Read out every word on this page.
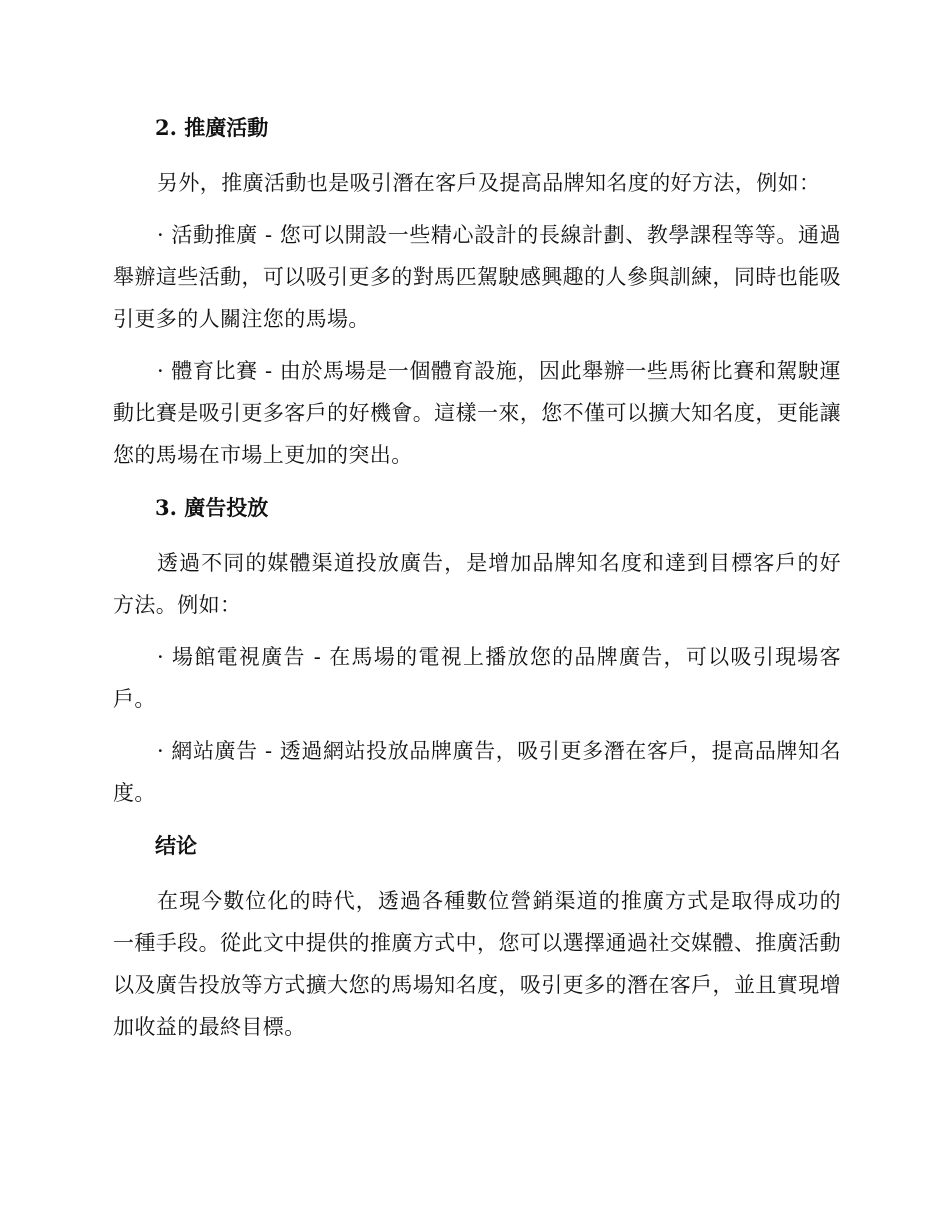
2. 推廣活動

另外，推廣活動也是吸引潛在客戶及提高品牌知名度的好方法，例如：

· 活動推廣 - 您可以開設一些精心設計的長線計劃、教學課程等等。通過舉辦這些活動，可以吸引更多的對馬匹駕駛感興趣的人參與訓練，同時也能吸引更多的人關注您的馬場。

· 體育比賽 - 由於馬場是一個體育設施，因此舉辦一些馬術比賽和駕駛運動比賽是吸引更多客戶的好機會。這樣一來，您不僅可以擴大知名度，更能讓您的馬場在市場上更加的突出。

3. 廣告投放

透過不同的媒體渠道投放廣告，是增加品牌知名度和達到目標客戶的好方法。例如：

· 場館電視廣告 - 在馬場的電視上播放您的品牌廣告，可以吸引現場客戶。

· 網站廣告 - 透過網站投放品牌廣告，吸引更多潛在客戶，提高品牌知名度。

结论

在現今數位化的時代，透過各種數位營銷渠道的推廣方式是取得成功的一種手段。從此文中提供的推廣方式中，您可以選擇通過社交媒體、推廣活動以及廣告投放等方式擴大您的馬場知名度，吸引更多的潛在客戶，並且實現增加收益的最終目標。
